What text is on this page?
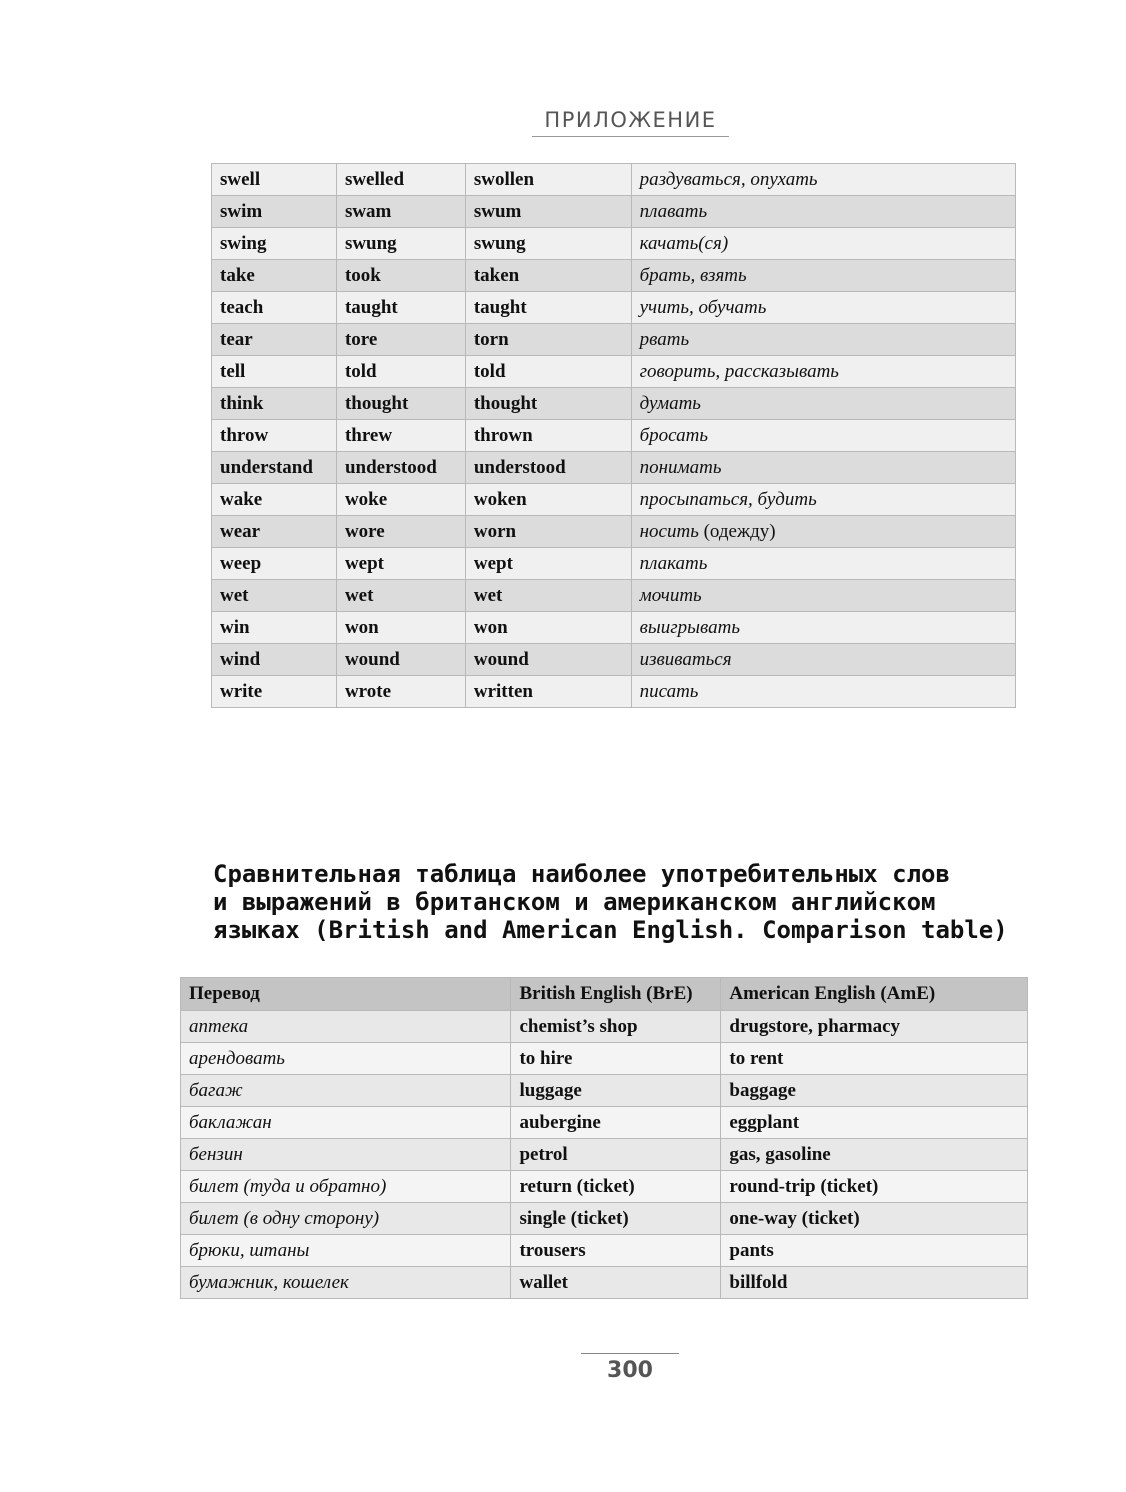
ПРИЛОЖЕНИЕ
swell	swelled	swollen	раздуваться, опухать
swim	swam	swum	плавать
swing	swung	swung	качать(ся)
take	took	taken	брать, взять
teach	taught	taught	учить, обучать
tear	tore	torn	рвать
tell	told	told	говорить, рассказывать
think	thought	thought	думать
throw	threw	thrown	бросать
understand	understood	understood	понимать
wake	woke	woken	просыпаться, будить
wear	wore	worn	носить (одежду)
weep	wept	wept	плакать
wet	wet	wet	мочить
win	won	won	выигрывать
wind	wound	wound	извиваться
write	wrote	written	писать
Сравнительная таблица наиболее употребительных слов
и выражений в британском и американском английском
языках (British and American English. Comparison table)
Перевод	British English (BrE)	American English (AmE)
аптека	chemist’s shop	drugstore, pharmacy
арендовать	to hire	to rent
багаж	luggage	baggage
баклажан	aubergine	eggplant
бензин	petrol	gas, gasoline
билет (туда и обратно)	return (ticket)	round-trip (ticket)
билет (в одну сторону)	single (ticket)	one-way (ticket)
брюки, штаны	trousers	pants
бумажник, кошелек	wallet	billfold
300
